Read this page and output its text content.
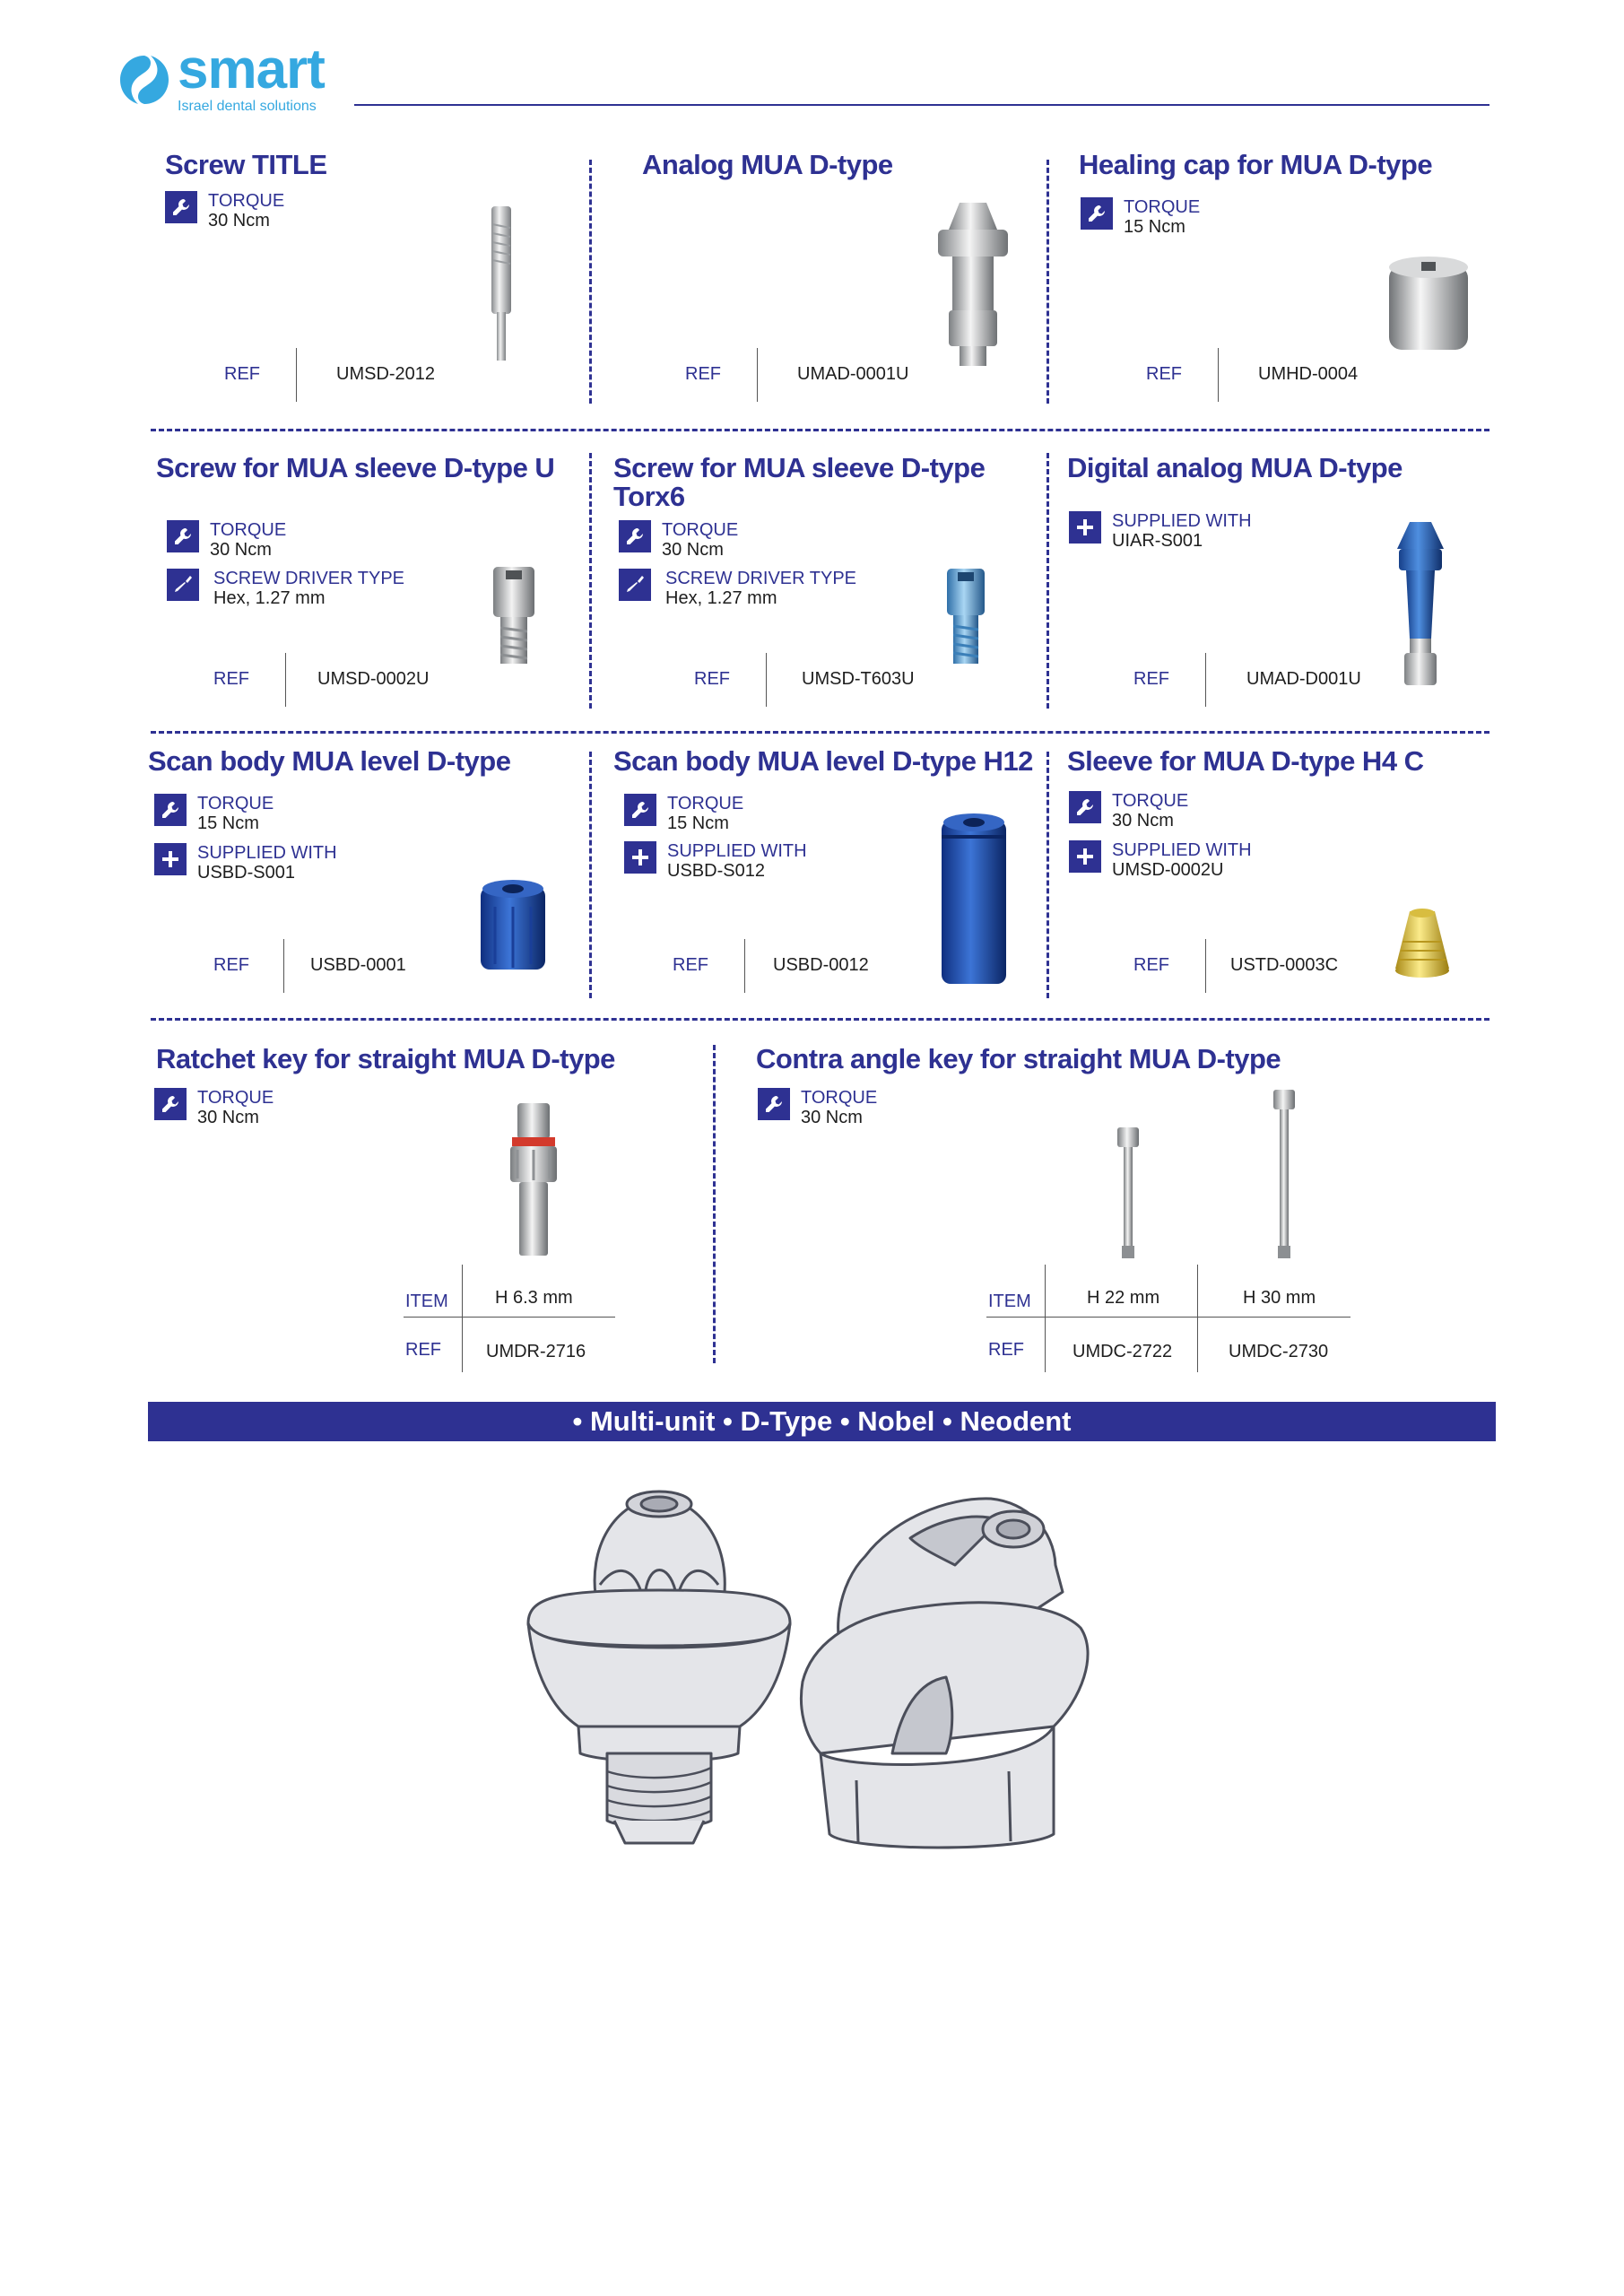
smart
Israel dental solutions
Screw TITLE
TORQUE
30 Ncm
REF	UMSD-2012
Analog MUA D-type
REF	UMAD-0001U
Healing cap for MUA D-type
TORQUE
15 Ncm
REF	UMHD-0004
Screw for MUA sleeve D-type U
TORQUE
30 Ncm
SCREW DRIVER TYPE
Hex, 1.27 mm
REF	UMSD-0002U
Screw for MUA sleeve D-type Torx6
TORQUE
30 Ncm
SCREW DRIVER TYPE
Hex, 1.27 mm
REF	UMSD-T603U
Digital analog MUA D-type
SUPPLIED WITH
UIAR-S001
REF	UMAD-D001U
Scan body MUA level D-type
TORQUE
15 Ncm
SUPPLIED WITH
USBD-S001
REF	USBD-0001
Scan body MUA level D-type H12
TORQUE
15 Ncm
SUPPLIED WITH
USBD-S012
REF	USBD-0012
Sleeve for MUA D-type H4 C
TORQUE
30 Ncm
SUPPLIED WITH
UMSD-0002U
REF	USTD-0003C
Ratchet key for straight MUA D-type
TORQUE
30 Ncm
ITEM	H 6.3 mm
REF	UMDR-2716
Contra angle key for straight MUA D-type
TORQUE
30 Ncm
ITEM	H 22 mm	H 30 mm
REF	UMDC-2722	UMDC-2730
• Multi-unit • D-Type • Nobel • Neodent
